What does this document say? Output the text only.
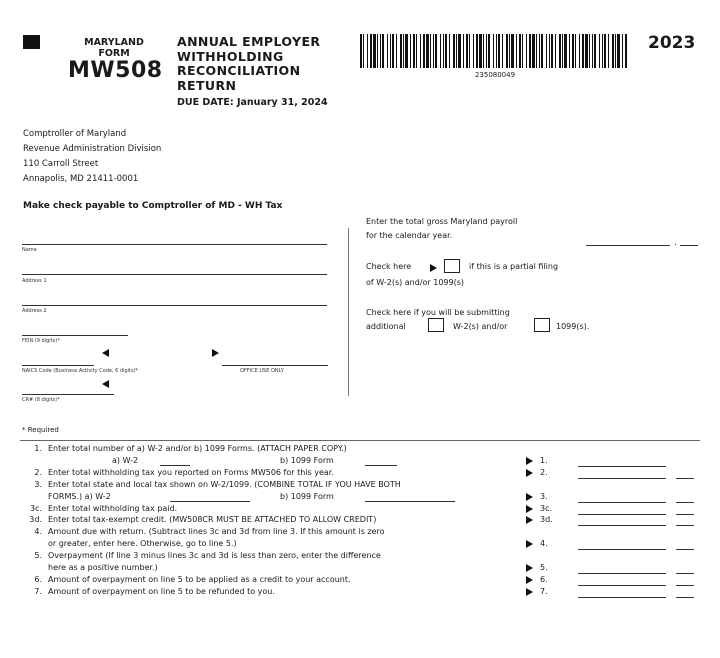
MARYLAND
FORM
MW508
ANNUAL EMPLOYER
WITHHOLDING
RECONCILIATION
RETURN
DUE DATE: January 31, 2024
235080049
2023
Comptroller of Maryland
Revenue Administration Division
110 Carroll Street
Annapolis, MD 21411-0001
Make check payable to Comptroller of MD - WH Tax
Name
Address 1
Address 2
FEIN (9 digits)*
NAICS Code (Business Activity Code, 6 digits)*	OFFICE USE ONLY
CR# (8 digits)*
Enter the total gross Maryland payroll
for the calendar year.
Check here	if this is a partial filing
of W-2(s) and/or 1099(s)
Check here if you will be submitting
additional	W-2(s) and/or	1099(s).
* Required
1. Enter total number of a) W-2 and/or b) 1099 Forms. (ATTACH PAPER COPY.)
a) W-2	b) 1099 Form	1.
2. Enter total withholding tax you reported on Forms MW506 for this year.	2.
3. Enter total state and local tax shown on W-2/1099. (COMBINE TOTAL IF YOU HAVE BOTH
FORMS.) a) W-2	b) 1099 Form	3.
3c. Enter total withholding tax paid.	3c.
3d. Enter total tax-exempt credit. (MW508CR MUST BE ATTACHED TO ALLOW CREDIT)	3d.
4. Amount due with return. (Subtract lines 3c and 3d from line 3. If this amount is zero
or greater, enter here. Otherwise, go to line 5.)	4.
5. Overpayment (If line 3 minus lines 3c and 3d is less than zero, enter the difference
here as a positive number.)	5.
6. Amount of overpayment on line 5 to be applied as a credit to your account.	6.
7. Amount of overpayment on line 5 to be refunded to you.	7.
